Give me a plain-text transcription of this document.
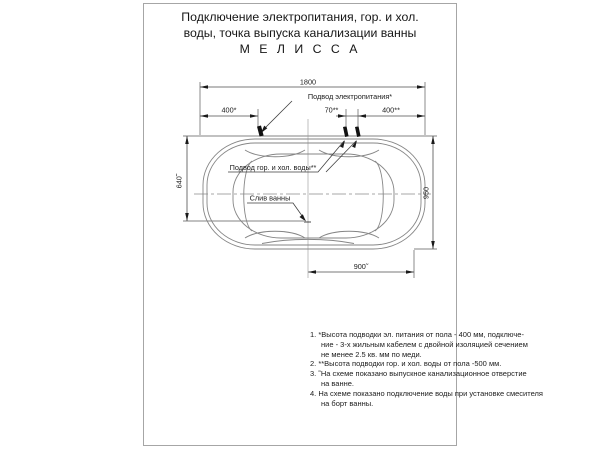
Подключение электропитания, гор. и хол.
воды, точка выпуска канализации ванны
М Е Л И С С А
1. *Высота подводки эл. питания от пола - 400 мм, подключе-
ние - 3-х жильным кабелем с двойной изоляцией сечением
не менее 2.5 кв. мм по меди.
2. **Высота подводки гор. и хол. воды от пола -500 мм.
3. ˜На схеме показано выпускное канализационное отверстие
на ванне.
4. На схеме показано подключение воды при установке смесителя
на борт ванны.
1800
400*	70**	400**
640˜
950
900˜
Подвод электропитания*
Подвод гор. и хол. воды**
Слив ванны
